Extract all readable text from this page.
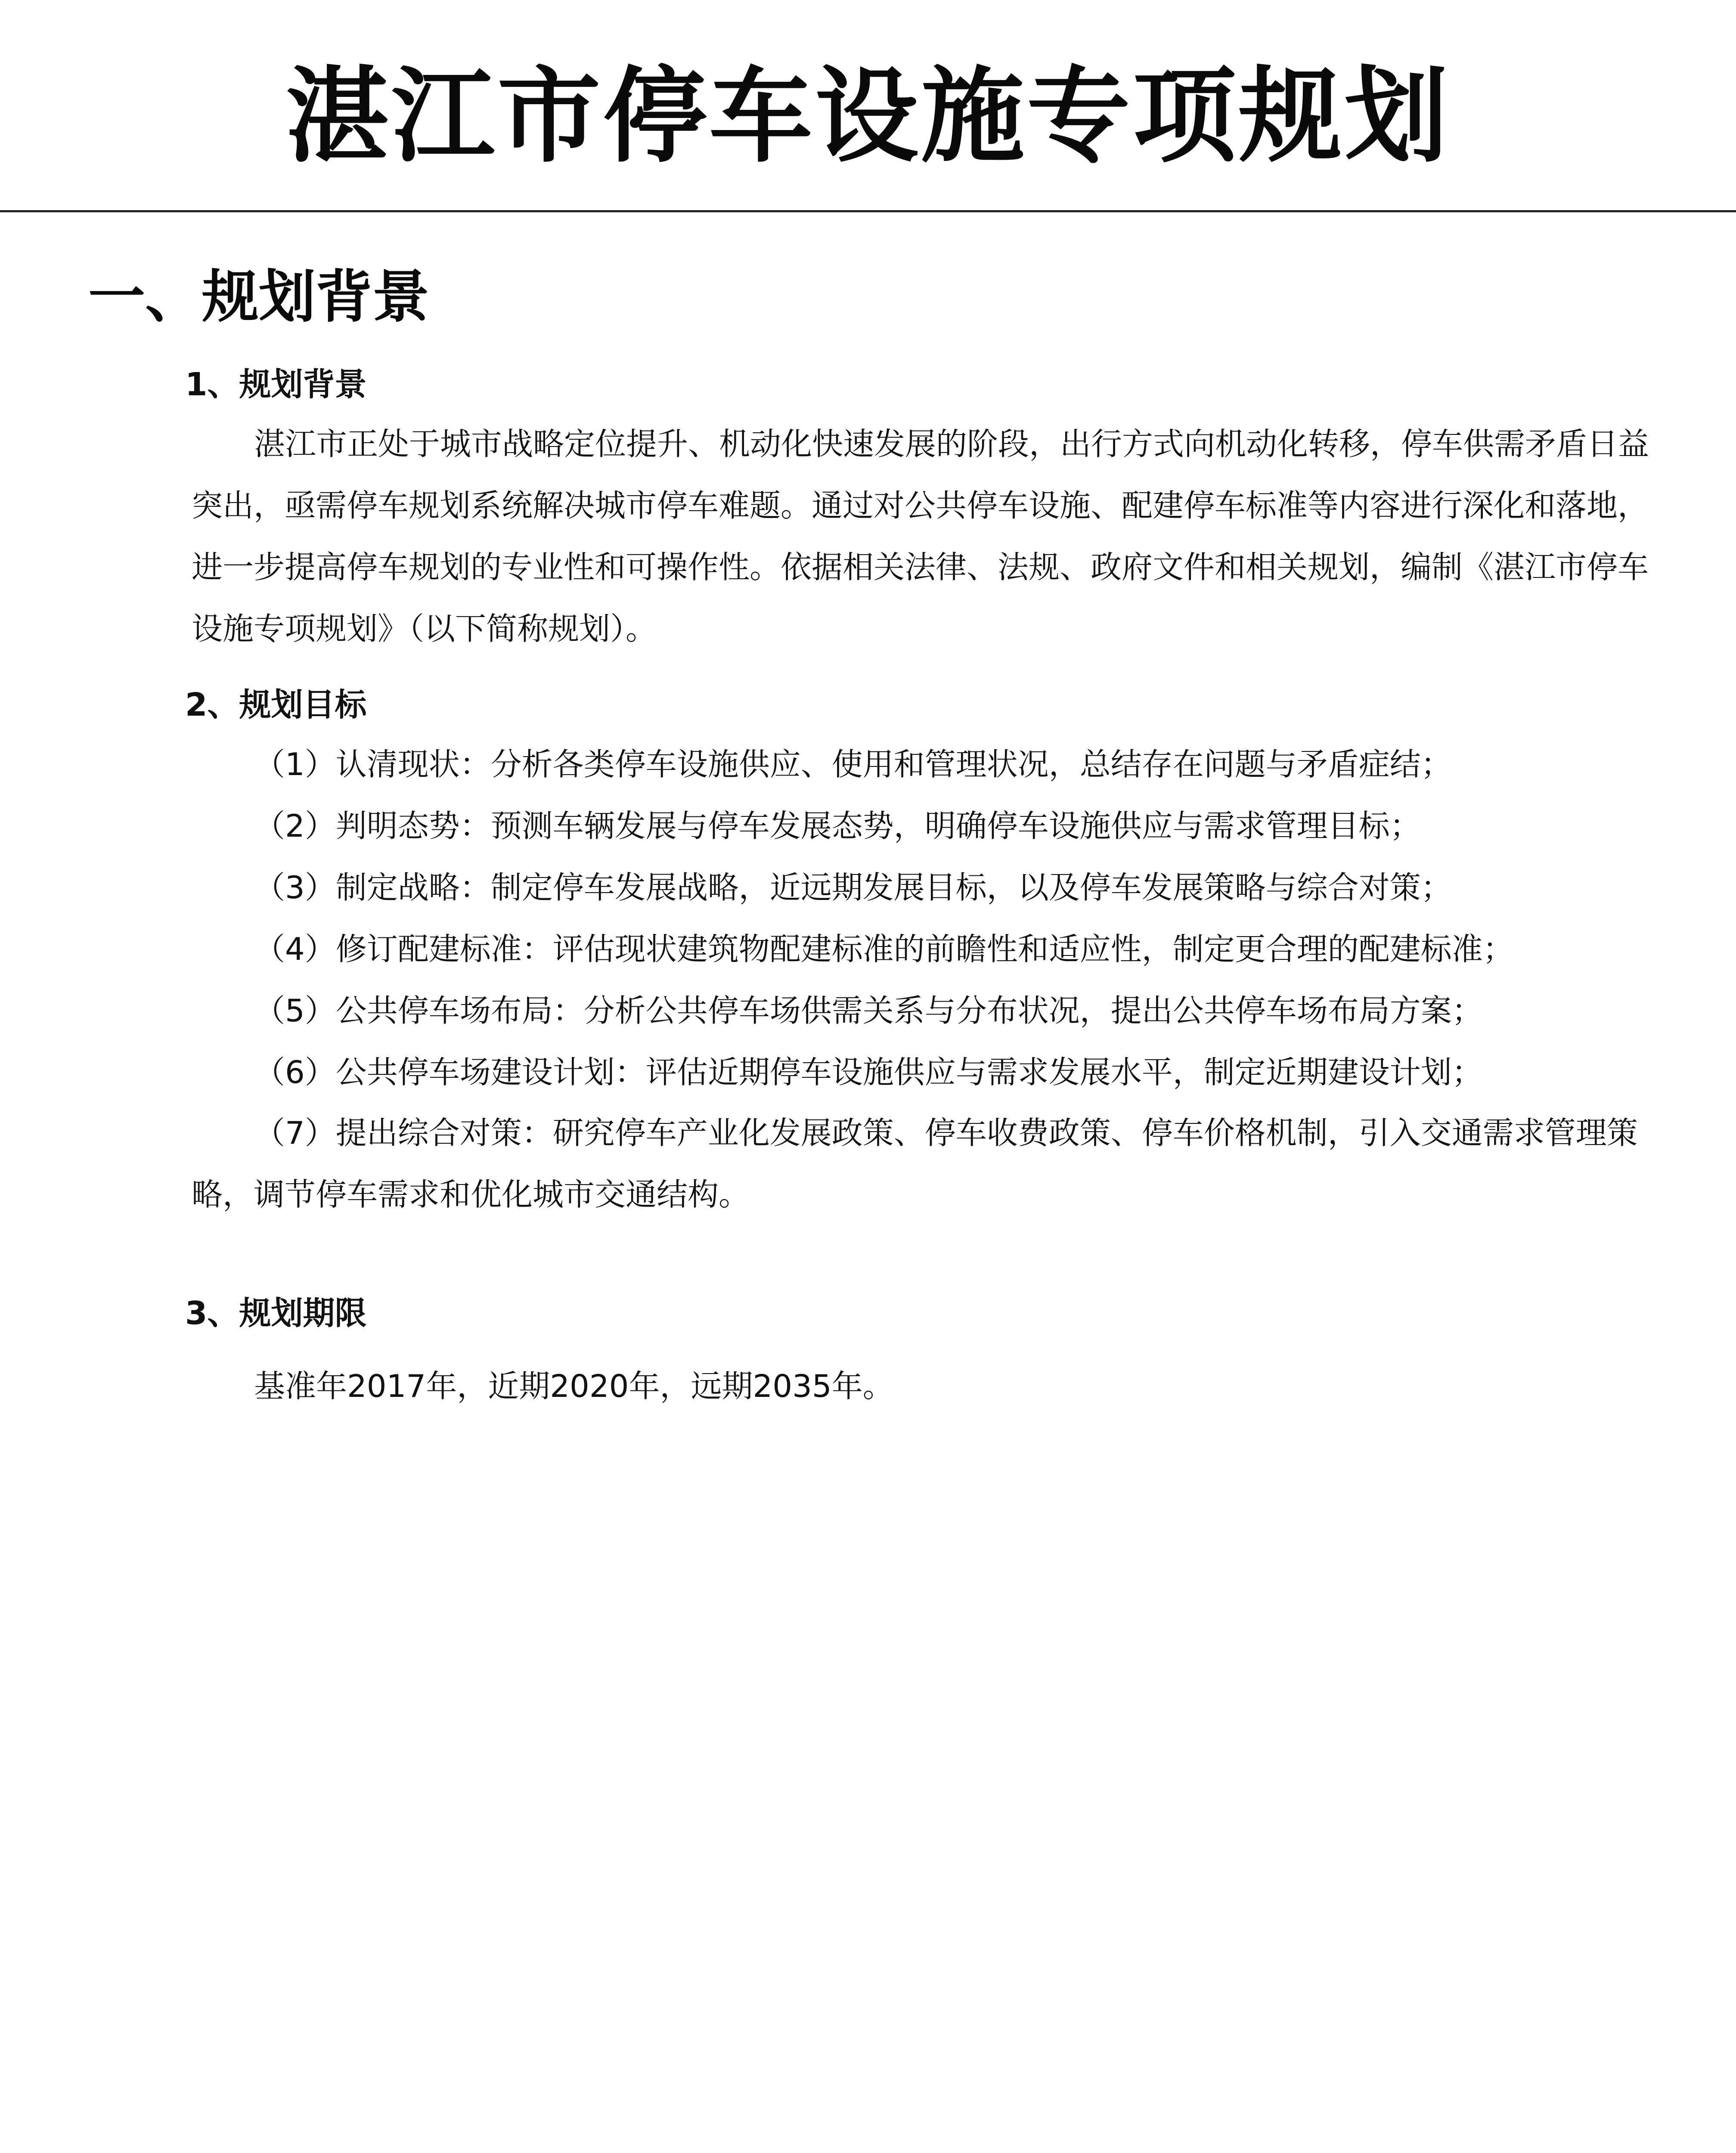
湛江市停车设施专项规划
一、规划背景
1、规划背景

湛江市正处于城市战略定位提升、机动化快速发展的阶段，出行方式向机动化转移，停车供需矛盾日益突出，亟需停车规划系统解决城市停车难题。通过对公共停车设施、配建停车标准等内容进行深化和落地，进一步提高停车规划的专业性和可操作性。依据相关法律、法规、政府文件和相关规划，编制《湛江市停车设施专项规划》（以下简称规划）。

2、规划目标

（1）认清现状：分析各类停车设施供应、使用和管理状况，总结存在问题与矛盾症结；

（2）判明态势：预测车辆发展与停车发展态势，明确停车设施供应与需求管理目标；

（3）制定战略：制定停车发展战略，近远期发展目标，以及停车发展策略与综合对策；

（4）修订配建标准：评估现状建筑物配建标准的前瞻性和适应性，制定更合理的配建标准；

（5）公共停车场布局：分析公共停车场供需关系与分布状况，提出公共停车场布局方案；

（6）公共停车场建设计划：评估近期停车设施供应与需求发展水平，制定近期建设计划；

（7）提出综合对策：研究停车产业化发展政策、停车收费政策、停车价格机制，引入交通需求管理策略，调节停车需求和优化城市交通结构。

3、规划期限

基准年2017年，近期2020年，远期2035年。
